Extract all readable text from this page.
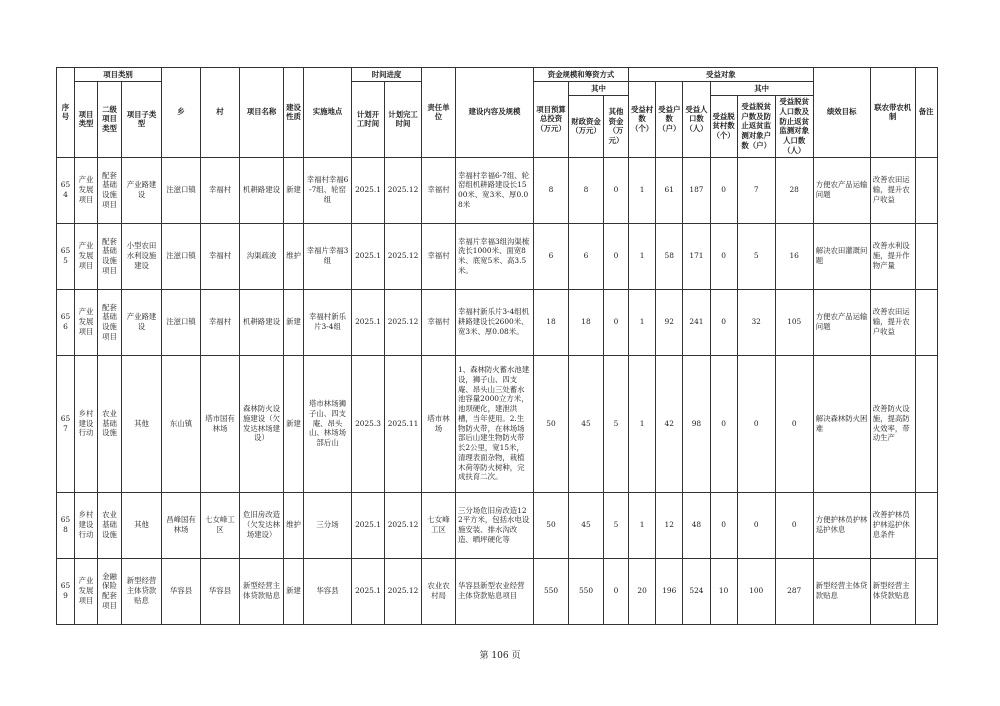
序号	项目类别			乡	村	项目名称	建设性质	实施地点	时间进度		责任单位	建设内容及规模	资金规模和筹资方式			受益对象						绩效目标	联农带农机制	备注
	项目类型	二级项目类型	项目子类型						计划开工时间	计划完工时间			项目预算总投资（万元）	其中		受益村数（个）	受益户数（户）	受益人口数（人）	其中					
														财政资金（万元）	其他资金（万元）				受益脱贫村数（个）	受益脱贫户数及防止返贫监测对象户数（户）	受益脱贫人口数及防止返贫监测对象人口数（人）			
654	产业发展项目	配套基础设施项目	产业路建设	注滋口镇	幸福村	机耕路建设	新建	幸福村幸福6-7组、轮窑组	2025.1	2025.12	幸福村	幸福村幸福6-7组、轮窑组机耕路建设长1500米、宽3米、厚0.08米	8	8	0	1	61	187	0	7	28	方便农产品运输问题	改善农田运输，提升农户收益	
655	产业发展项目	配套基础设施项目	小型农田水利设施建设	注滋口镇	幸福村	沟渠疏浚	维护	幸福片幸福3组	2025.1	2025.12	幸福村	幸福片幸福3组沟渠梳洗长1000米、面宽8米、底宽5米、高3.5米。	6	6	0	1	58	171	0	5	16	解决农田灌溉问题	改善水利设施，提升作物产量	
656	产业发展项目	配套基础设施项目	产业路建设	注滋口镇	幸福村	机耕路建设	新建	幸福村新乐片3-4组	2025.1	2025.12	幸福村	幸福村新乐片3-4组机耕路建设长2600米、宽3米、厚0.08米。	18	18	0	1	92	241	0	32	105	方便农产品运输问题	改善农田运输，提升农户收益	
657	乡村建设行动	农业基础设施	其他	东山镇	塔市国有林场	森林防火设施建设（欠发达林场建设）	新建	塔市林场狮子山、四支庵、昂头山、林场场部后山	2025.3	2025.11	塔市林场	1、森林防火蓄水池建设，狮子山、四支庵、昂头山三处蓄水池容量2000立方米，池坝硬化，建泄洪槽，当年使用。2.生物防火带，在林场场部后山建生物防火带长2公里，宽15米，清理表面杂物，栽植木荷等防火树种，完成扶育二次。	50	45	5	1	42	98	0	0	0	解决森林防火困难	改善防火设施，提高防火效率，带动生产	
658	乡村建设行动	农业基础设施	其他	昌峰国有林场	七女峰工区	危旧房改造（欠发达林场建设）	维护	三分场	2025.1	2025.12	七女峰工区	三分场危旧房改造122平方米，包括水电设施安装、排水沟改造、晒坪硬化等	50	45	5	1	12	48	0	0	0	方便护林员护林巡护休息	改善护林员护林巡护休息条件	
659	产业发展项目	金融保险配套项目	新型经营主体贷款贴息	华容县	华容县	新型经营主体贷款贴息	新建	华容县	2025.1	2025.12	农业农村局	华容县新型农业经营主体贷款贴息项目	550	550	0	20	196	524	10	100	287	新型经营主体贷款贴息	新型经营主体贷款贴息	
第 106 页
